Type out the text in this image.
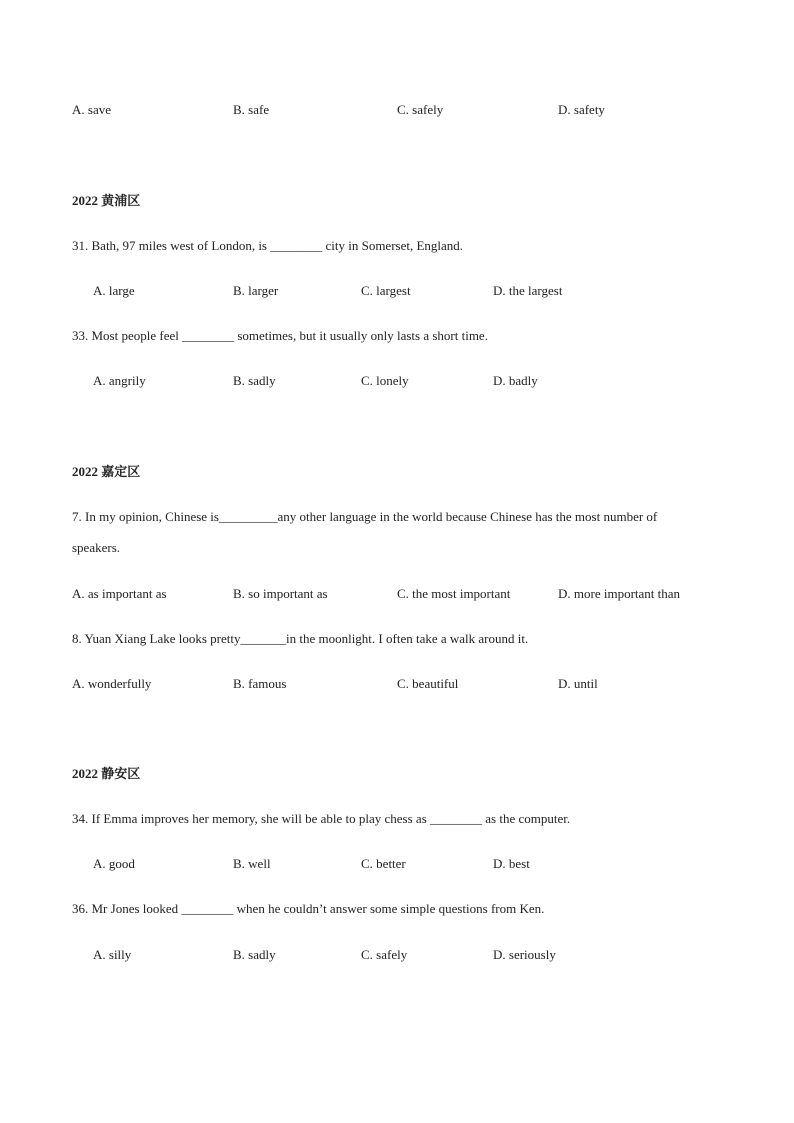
A. save	B. safe	C. safely	D. safety
2022 黄浦区
31. Bath, 97 miles west of London, is ________ city in Somerset, England.
A. large	B. larger	C. largest	D. the largest
33. Most people feel ________ sometimes, but it usually only lasts a short time.
A. angrily	B. sadly	C. lonely	D. badly
2022 嘉定区
7. In my opinion, Chinese is_________any other language in the world because Chinese has the most number of
speakers.
A. as important as	B. so important as	C. the most important	D. more important than
8. Yuan Xiang Lake looks pretty_______in the moonlight. I often take a walk around it.
A. wonderfully	B. famous	C. beautiful	D. until
2022 静安区
34. If Emma improves her memory, she will be able to play chess as ________ as the computer.
A. good	B. well	C. better	D. best
36. Mr Jones looked ________ when he couldn’t answer some simple questions from Ken.
A. silly	B. sadly	C. safely	D. seriously
